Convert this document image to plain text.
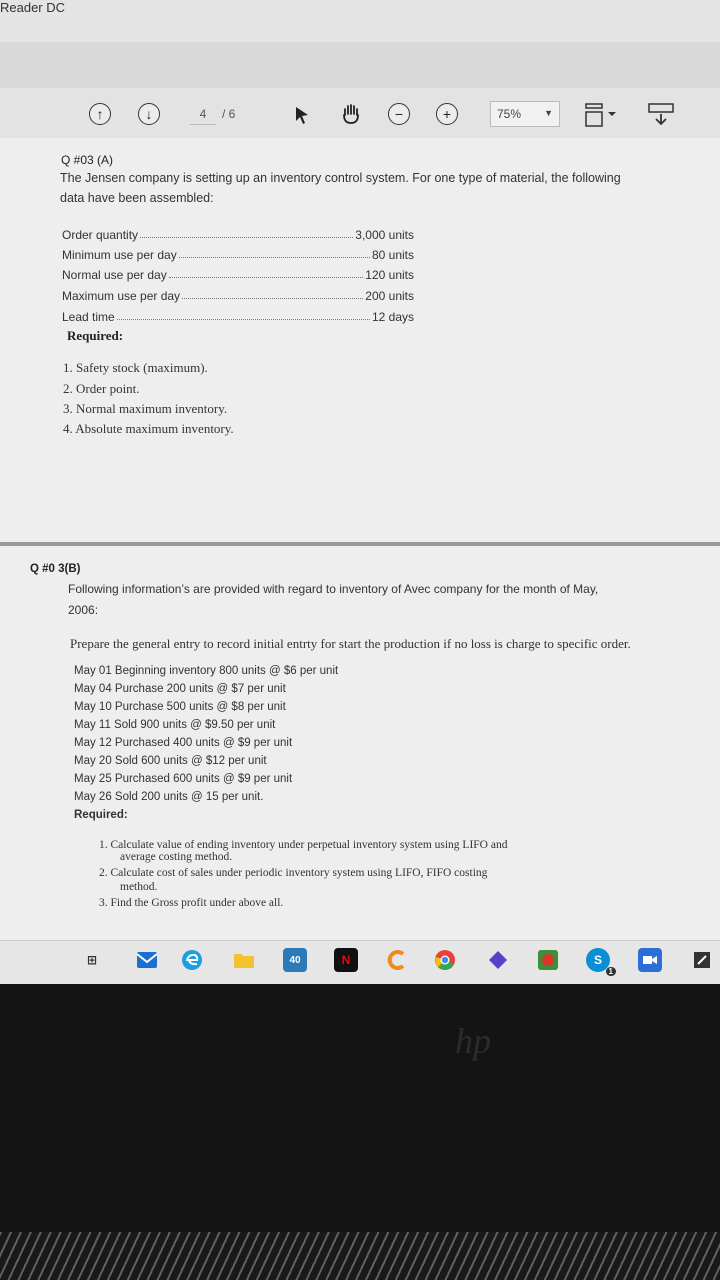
Reader DC
↑	↓	4	/ 6	−	+	75%	▼
Q #03 (A)
The Jensen company is setting up an inventory control system. For one type of material, the following
data have been assembled:
Order quantity	3,000 units
Minimum use per day	80 units
Normal use per day	120 units
Maximum use per day	200 units
Lead time	12 days
Required:
1. Safety stock (maximum).
2. Order point.
3. Normal maximum inventory.
4. Absolute maximum inventory.
Q #0 3(B)
Following information’s are provided with regard to inventory of Avec company for the month of May,
2006:
Prepare the general entry to record initial entrty for start the production if no loss is charge to specific order.
May 01 Beginning inventory 800 units @ $6 per unit
May 04 Purchase 200 units @ $7 per unit
May 10 Purchase 500 units @ $8 per unit
May 11 Sold 900 units @ $9.50 per unit
May 12 Purchased 400 units @ $9 per unit
May 20 Sold 600 units @ $12 per unit
May 25 Purchased 600 units @ $9 per unit
May 26 Sold 200 units @ 15 per unit.
Required:
1. Calculate value of ending inventory under perpetual inventory system using LIFO and
average costing method.
2. Calculate cost of sales under periodic inventory system using LIFO, FIFO costing
method.
3. Find the Gross profit under above all.
⊞	40	N	S
1
hp
